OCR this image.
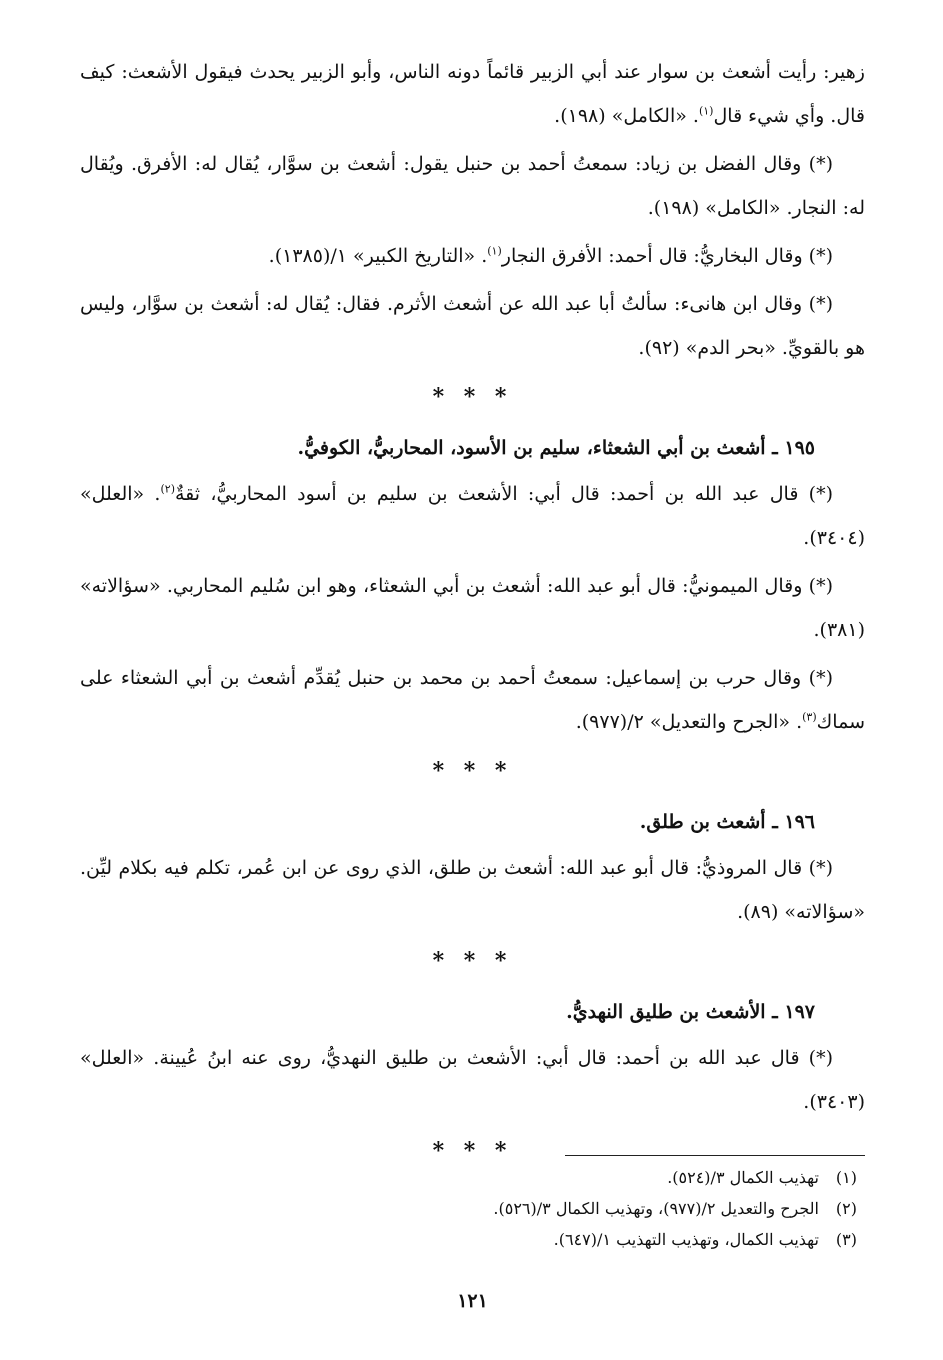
زهير: رأيت أشعث بن سوار عند أبي الزبير قائماً دونه الناس، وأبو الزبير يحدث فيقول الأشعث: كيف قال. وأي شيء قال$^{(١)}$. «الكامل» (١٩٨).

(*) وقال الفضل بن زياد: سمعتُ أحمد بن حنبل يقول: أشعث بن سوَّار، يُقال له: الأفرق. ويُقال له: النجار. «الكامل» (١٩٨).

(*) وقال البخاريُّ: قال أحمد: الأفرق النجار$^{(١)}$. «التاريخ الكبير» ١/(١٣٨٥).

(*) وقال ابن هانىء: سألتُ أبا عبد الله عن أشعث الأثرم. فقال: يُقال له: أشعث بن سوَّار، وليس هو بالقويِّ. «بحر الدم» (٩٢).

* * *
١٩٥ ـ أشعث بن أبي الشعثاء، سليم بن الأسود، المحاربيُّ، الكوفيُّ.

(*) قال عبد الله بن أحمد: قال أبي: الأشعث بن سليم بن أسود المحاربيُّ، ثقةٌ$^{(٢)}$. «العلل» (٣٤٠٤).

(*) وقال الميمونيُّ: قال أبو عبد الله: أشعث بن أبي الشعثاء، وهو ابن سُليم المحاربي. «سؤالاته» (٣٨١).

(*) وقال حرب بن إسماعيل: سمعتُ أحمد بن محمد بن حنبل يُقدِّم أشعث بن أبي الشعثاء على سماك$^{(٣)}$. «الجرح والتعديل» ٢/(٩٧٧).

* * *
١٩٦ ـ أشعث بن طلق.

(*) قال المروذيُّ: قال أبو عبد الله: أشعث بن طلق، الذي روى عن ابن عُمر، تكلم فيه بكلام ليِّن. «سؤالاته» (٨٩).

* * *
١٩٧ ـ الأشعث بن طليق النهديُّ.

(*) قال عبد الله بن أحمد: قال أبي: الأشعث بن طليق النهديُّ، روى عنه ابنُ عُيينة. «العلل» (٣٤٠٣).

* * *
(١)تهذيب الكمال ٣/(٥٢٤).
(٢)الجرح والتعديل ٢/(٩٧٧)، وتهذيب الكمال ٣/(٥٢٦).
(٣)تهذيب الكمال، وتهذيب التهذيب ١/(٦٤٧).
١٢١
